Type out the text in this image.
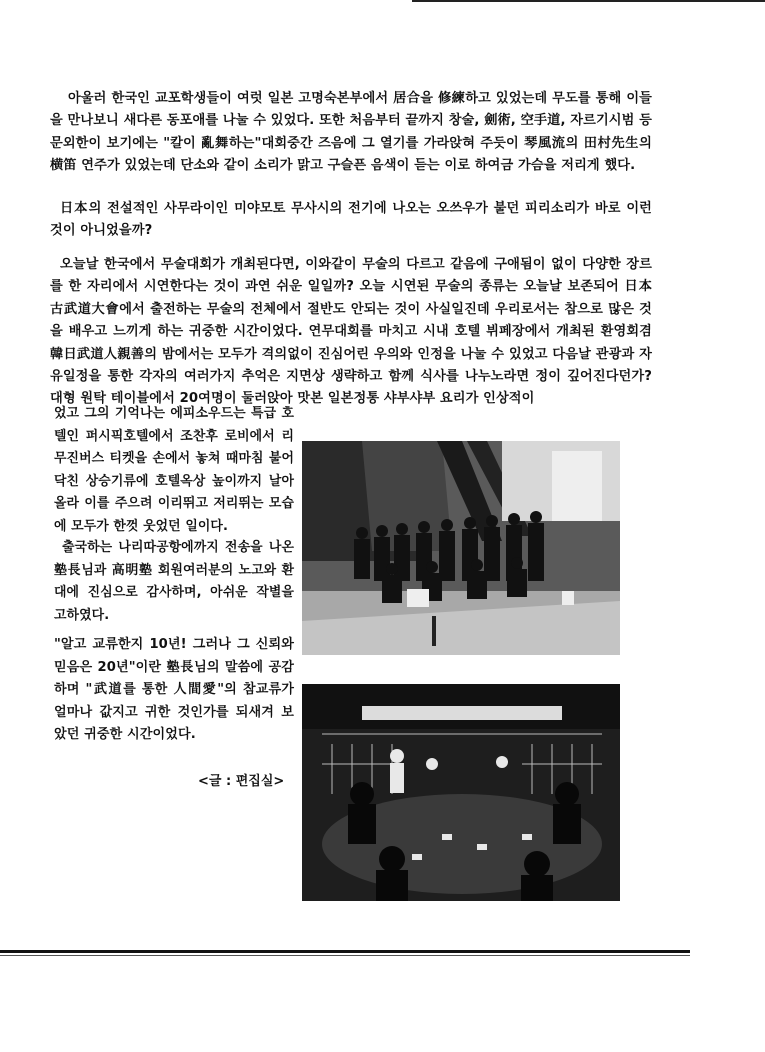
아울러 한국인 교포학생들이 여럿 일본 고명숙본부에서 居合을 修練하고 있었는데 무도를 통해 이들을 만나보니 새다른 동포애를 나눌 수 있었다. 또한 처음부터 끝까지 창술, 劍術, 空手道, 자르기시범 등 문외한이 보기에는 "칼이 亂舞하는"대회중간 즈음에 그 열기를 가라앉혀 주듯이 琴風流의 田村先生의 横笛 연주가 있었는데 단소와 같이 소리가 맑고 구슬픈 음색이 듣는 이로 하여금 가슴을 저리게 했다.

日本의 전설적인 사무라이인 미야모토 무사시의 전기에 나오는 오쓰우가 불던 피리소리가 바로 이런 것이 아니었을까?

오늘날 한국에서 무술대회가 개최된다면, 이와같이 무술의 다르고 같음에 구애됨이 없이 다양한 장르를 한 자리에서 시연한다는 것이 과연 쉬운 일일까? 오늘 시연된 무술의 종류는 오늘날 보존되어 日本 古武道大會에서 출전하는 무술의 전체에서 절반도 안되는 것이 사실일진데 우리로서는 참으로 많은 것을 배우고 느끼게 하는 귀중한 시간이었다. 연무대회를 마치고 시내 호텔 뷔페장에서 개최된 환영회겸 韓日武道人親善의 밤에서는 모두가 격의없이 진심어린 우의와 인정을 나눌 수 있었고 다음날 관광과 자유일정을 통한 각자의 여러가지 추억은 지면상 생략하고 함께 식사를 나누노라면 정이 깊어진다던가? 대형 원탁 테이블에서 20여명이 둘러앉아 맛본 일본정통 샤부샤부 요리가 인상적이

었고 그의 기억나는 에피소우드는 특급 호텔인 퍼시픽호텔에서 조찬후 로비에서 리무진버스 티켓을 손에서 놓쳐 때마침 불어닥친 상승기류에 호텔옥상 높이까지 날아올라 이를 주으려 이리뛰고 저리뛰는 모습에 모두가 한껏 웃었던 일이다.

출국하는 나리따공항에까지 전송을 나온 塾長님과 高明塾 회원여러분의 노고와 환대에 진심으로 감사하며, 아쉬운 작별을 고하였다.

"알고 교류한지 10년! 그러나 그 신뢰와 믿음은 20년"이란 塾長님의 말씀에 공감하며 "武道를 통한 人間愛"의 참교류가 얼마나 값지고 귀한 것인가를 되새겨 보았던 귀중한 시간이었다.

<글 : 편집실>
